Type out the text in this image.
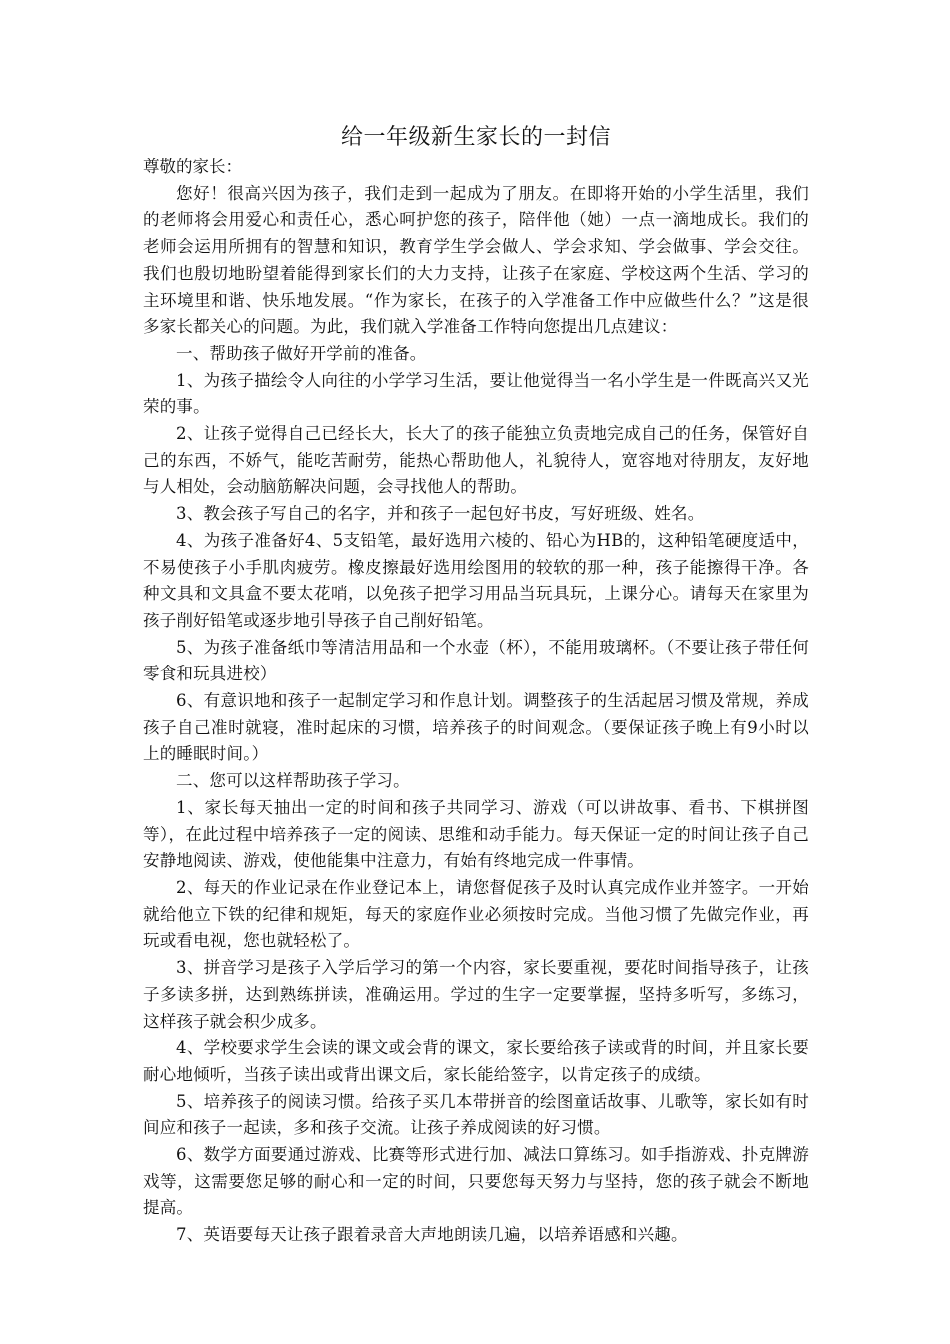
给一年级新生家长的一封信

尊敬的家长：

您好！很高兴因为孩子，我们走到一起成为了朋友。在即将开始的小学生活里，我们的老师将会用爱心和责任心，悉心呵护您的孩子，陪伴他（她）一点一滴地成长。我们的老师会运用所拥有的智慧和知识，教育学生学会做人、学会求知、学会做事、学会交往。我们也殷切地盼望着能得到家长们的大力支持，让孩子在家庭、学校这两个生活、学习的主环境里和谐、快乐地发展。“作为家长，在孩子的入学准备工作中应做些什么？”这是很多家长都关心的问题。为此，我们就入学准备工作特向您提出几点建议：

一、帮助孩子做好开学前的准备。

1、为孩子描绘令人向往的小学学习生活，要让他觉得当一名小学生是一件既高兴又光荣的事。

2、让孩子觉得自己已经长大，长大了的孩子能独立负责地完成自己的任务，保管好自己的东西，不娇气，能吃苦耐劳，能热心帮助他人，礼貌待人，宽容地对待朋友，友好地与人相处，会动脑筋解决问题，会寻找他人的帮助。

3、教会孩子写自己的名字，并和孩子一起包好书皮，写好班级、姓名。

4、为孩子准备好4、5支铅笔，最好选用六棱的、铅心为HB的，这种铅笔硬度适中，不易使孩子小手肌肉疲劳。橡皮擦最好选用绘图用的较软的那一种，孩子能擦得干净。各种文具和文具盒不要太花哨，以免孩子把学习用品当玩具玩，上课分心。请每天在家里为孩子削好铅笔或逐步地引导孩子自己削好铅笔。

5、为孩子准备纸巾等清洁用品和一个水壶（杯），不能用玻璃杯。（不要让孩子带任何零食和玩具进校）

6、有意识地和孩子一起制定学习和作息计划。调整孩子的生活起居习惯及常规，养成孩子自己准时就寝，准时起床的习惯，培养孩子的时间观念。（要保证孩子晚上有9小时以上的睡眠时间。）

二、您可以这样帮助孩子学习。

1、家长每天抽出一定的时间和孩子共同学习、游戏（可以讲故事、看书、下棋拼图等），在此过程中培养孩子一定的阅读、思维和动手能力。每天保证一定的时间让孩子自己安静地阅读、游戏，使他能集中注意力，有始有终地完成一件事情。

2、每天的作业记录在作业登记本上，请您督促孩子及时认真完成作业并签字。一开始就给他立下铁的纪律和规矩，每天的家庭作业必须按时完成。当他习惯了先做完作业，再玩或看电视，您也就轻松了。

3、拼音学习是孩子入学后学习的第一个内容，家长要重视，要花时间指导孩子，让孩子多读多拼，达到熟练拼读，准确运用。学过的生字一定要掌握，坚持多听写，多练习，这样孩子就会积少成多。

4、学校要求学生会读的课文或会背的课文，家长要给孩子读或背的时间，并且家长要耐心地倾听，当孩子读出或背出课文后，家长能给签字，以肯定孩子的成绩。

5、培养孩子的阅读习惯。给孩子买几本带拼音的绘图童话故事、儿歌等，家长如有时间应和孩子一起读，多和孩子交流。让孩子养成阅读的好习惯。

6、数学方面要通过游戏、比赛等形式进行加、减法口算练习。如手指游戏、扑克牌游戏等，这需要您足够的耐心和一定的时间，只要您每天努力与坚持，您的孩子就会不断地提高。

7、英语要每天让孩子跟着录音大声地朗读几遍，以培养语感和兴趣。
